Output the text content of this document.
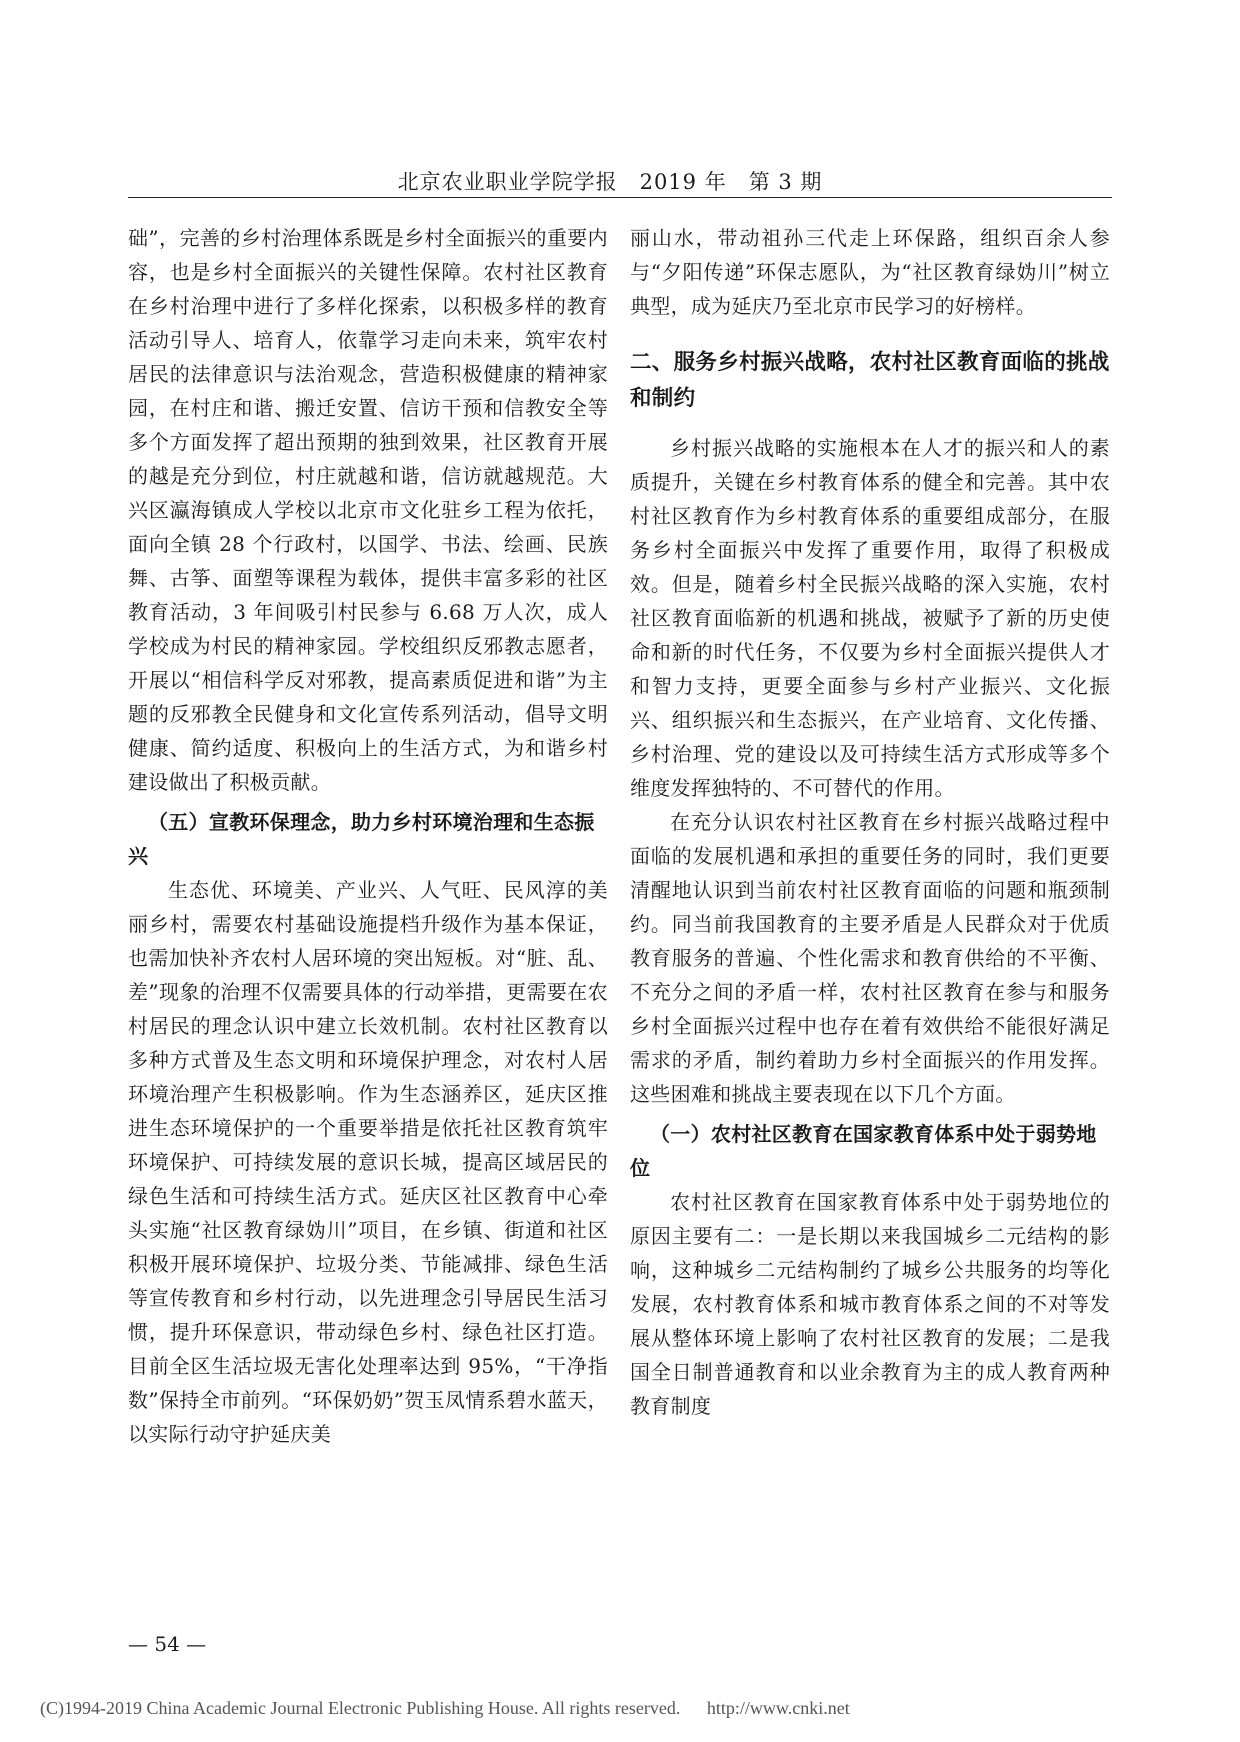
北京农业职业学院学报　2019 年　第 3 期

础”，完善的乡村治理体系既是乡村全面振兴的重要内容，也是乡村全面振兴的关键性保障。农村社区教育在乡村治理中进行了多样化探索，以积极多样的教育活动引导人、培育人，依靠学习走向未来，筑牢农村居民的法律意识与法治观念，营造积极健康的精神家园，在村庄和谐、搬迁安置、信访干预和信教安全等多个方面发挥了超出预期的独到效果，社区教育开展的越是充分到位，村庄就越和谐，信访就越规范。大兴区瀛海镇成人学校以北京市文化驻乡工程为依托，面向全镇 28 个行政村，以国学、书法、绘画、民族舞、古筝、面塑等课程为载体，提供丰富多彩的社区教育活动，3 年间吸引村民参与 6.68 万人次，成人学校成为村民的精神家园。学校组织反邪教志愿者，开展以“相信科学反对邪教，提高素质促进和谐”为主题的反邪教全民健身和文化宣传系列活动，倡导文明健康、简约适度、积极向上的生活方式，为和谐乡村建设做出了积极贡献。

（五）宣教环保理念，助力乡村环境治理和生态振兴

生态优、环境美、产业兴、人气旺、民风淳的美丽乡村，需要农村基础设施提档升级作为基本保证，也需加快补齐农村人居环境的突出短板。对“脏、乱、差”现象的治理不仅需要具体的行动举措，更需要在农村居民的理念认识中建立长效机制。农村社区教育以多种方式普及生态文明和环境保护理念，对农村人居环境治理产生积极影响。作为生态涵养区，延庆区推进生态环境保护的一个重要举措是依托社区教育筑牢环境保护、可持续发展的意识长城，提高区域居民的绿色生活和可持续生活方式。延庆区社区教育中心牵头实施“社区教育绿妫川”项目，在乡镇、街道和社区积极开展环境保护、垃圾分类、节能减排、绿色生活等宣传教育和乡村行动，以先进理念引导居民生活习惯，提升环保意识，带动绿色乡村、绿色社区打造。目前全区生活垃圾无害化处理率达到 95%，“干净指数”保持全市前列。“环保奶奶”贺玉凤情系碧水蓝天，以实际行动守护延庆美

丽山水，带动祖孙三代走上环保路，组织百余人参与“夕阳传递”环保志愿队，为“社区教育绿妫川”树立典型，成为延庆乃至北京市民学习的好榜样。

二、服务乡村振兴战略，农村社区教育面临的挑战和制约

乡村振兴战略的实施根本在人才的振兴和人的素质提升，关键在乡村教育体系的健全和完善。其中农村社区教育作为乡村教育体系的重要组成部分，在服务乡村全面振兴中发挥了重要作用，取得了积极成效。但是，随着乡村全民振兴战略的深入实施，农村社区教育面临新的机遇和挑战，被赋予了新的历史使命和新的时代任务，不仅要为乡村全面振兴提供人才和智力支持，更要全面参与乡村产业振兴、文化振兴、组织振兴和生态振兴，在产业培育、文化传播、乡村治理、党的建设以及可持续生活方式形成等多个维度发挥独特的、不可替代的作用。

在充分认识农村社区教育在乡村振兴战略过程中面临的发展机遇和承担的重要任务的同时，我们更要清醒地认识到当前农村社区教育面临的问题和瓶颈制约。同当前我国教育的主要矛盾是人民群众对于优质教育服务的普遍、个性化需求和教育供给的不平衡、不充分之间的矛盾一样，农村社区教育在参与和服务乡村全面振兴过程中也存在着有效供给不能很好满足需求的矛盾，制约着助力乡村全面振兴的作用发挥。这些困难和挑战主要表现在以下几个方面。

（一）农村社区教育在国家教育体系中处于弱势地位

农村社区教育在国家教育体系中处于弱势地位的原因主要有二：一是长期以来我国城乡二元结构的影响，这种城乡二元结构制约了城乡公共服务的均等化发展，农村教育体系和城市教育体系之间的不对等发展从整体环境上影响了农村社区教育的发展；二是我国全日制普通教育和以业余教育为主的成人教育两种教育制度

— 54 —
(C)1994-2019 China Academic Journal Electronic Publishing House. All rights reserved. http://www.cnki.net
